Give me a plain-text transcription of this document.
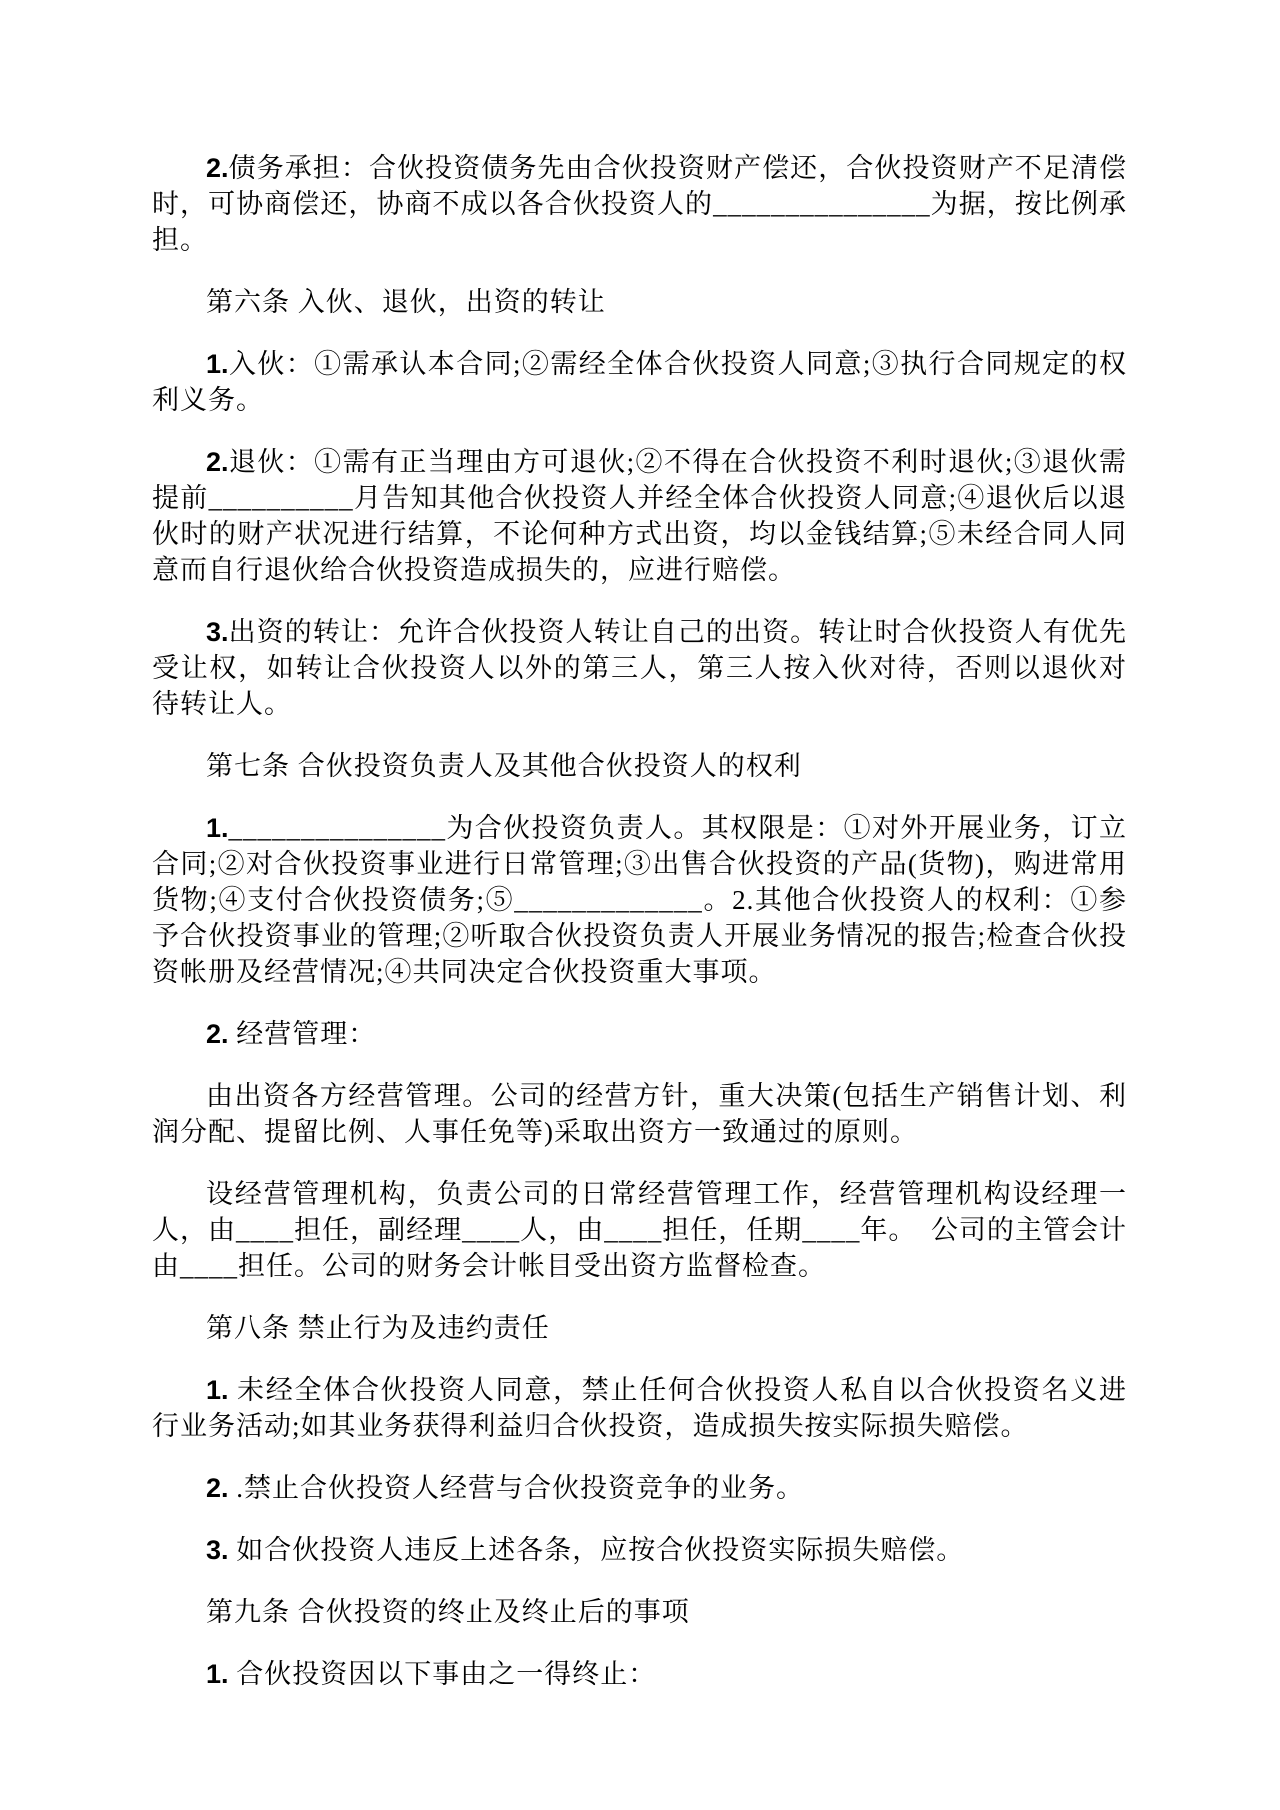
2.债务承担：合伙投资债务先由合伙投资财产偿还，合伙投资财产不足清偿时，可协商偿还，协商不成以各合伙投资人的_______________为据，按比例承担。

第六条 入伙、退伙，出资的转让

1.入伙：①需承认本合同;②需经全体合伙投资人同意;③执行合同规定的权利义务。

2.退伙：①需有正当理由方可退伙;②不得在合伙投资不利时退伙;③退伙需提前__________月告知其他合伙投资人并经全体合伙投资人同意;④退伙后以退伙时的财产状况进行结算，不论何种方式出资，均以金钱结算;⑤未经合同人同意而自行退伙给合伙投资造成损失的，应进行赔偿。

3.出资的转让：允许合伙投资人转让自己的出资。转让时合伙投资人有优先受让权，如转让合伙投资人以外的第三人，第三人按入伙对待，否则以退伙对待转让人。

第七条 合伙投资负责人及其他合伙投资人的权利

1._______________为合伙投资负责人。其权限是：①对外开展业务，订立合同;②对合伙投资事业进行日常管理;③出售合伙投资的产品(货物)，购进常用货物;④支付合伙投资债务;⑤_____________。2.其他合伙投资人的权利：①参予合伙投资事业的管理;②听取合伙投资负责人开展业务情况的报告;检查合伙投资帐册及经营情况;④共同决定合伙投资重大事项。

2. 经营管理：

由出资各方经营管理。公司的经营方针，重大决策(包括生产销售计划、利润分配、提留比例、人事任免等)采取出资方一致通过的原则。

设经营管理机构，负责公司的日常经营管理工作，经营管理机构设经理一人，由____担任，副经理____人，由____担任，任期____年。　公司的主管会计由____担任。公司的财务会计帐目受出资方监督检查。

第八条 禁止行为及违约责任

1. 未经全体合伙投资人同意，禁止任何合伙投资人私自以合伙投资名义进行业务活动;如其业务获得利益归合伙投资，造成损失按实际损失赔偿。

2. .禁止合伙投资人经营与合伙投资竞争的业务。

3. 如合伙投资人违反上述各条，应按合伙投资实际损失赔偿。

第九条 合伙投资的终止及终止后的事项

1. 合伙投资因以下事由之一得终止：
